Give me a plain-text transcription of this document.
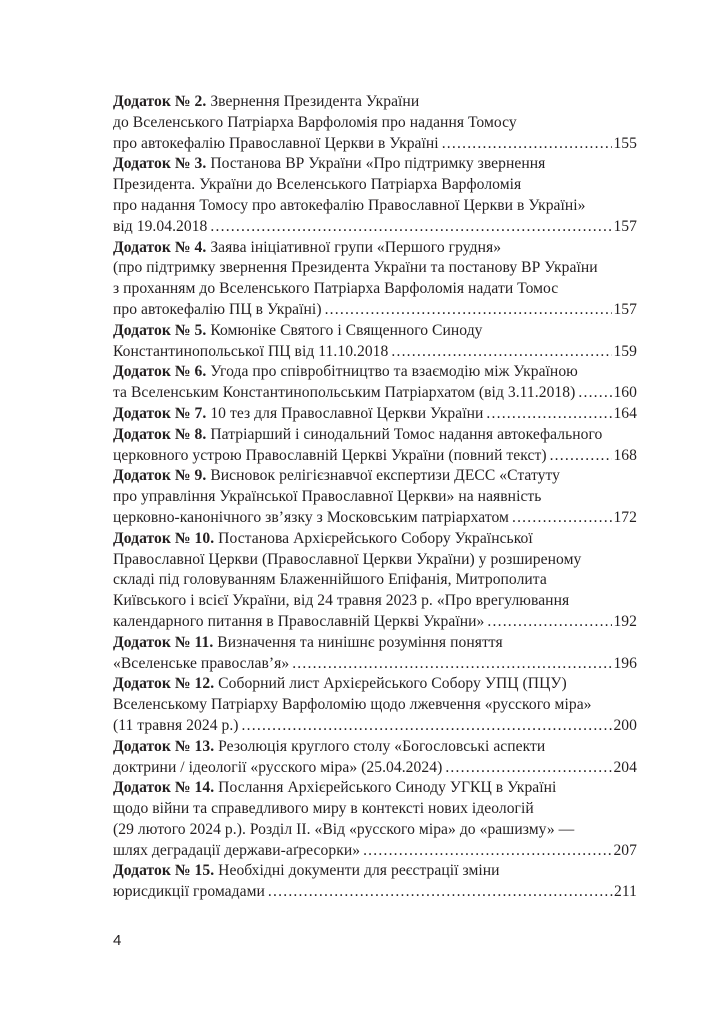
Додаток № 2. Звернення Президента України
до Вселенського Патріарха Варфоломія про надання Томосу
про автокефалію Православної Церкви в Україні .....	155
Додаток № 3. Постанова ВР України «Про підтримку звернення
Президента. України до Вселенського Патріарха Варфоломія
про надання Томосу про автокефалію Православної Церкви в Україні»
від 19.04.2018 .....	157
Додаток № 4. Заява ініціативної групи «Першого грудня»
(про підтримку звернення Президента України та постанову ВР України
з проханням до Вселенського Патріарха Варфоломія надати Томос
про автокефалію ПЦ в Україні) .....	157
Додаток № 5. Комюніке Святого і Священного Синоду
Константинопольської ПЦ від 11.10.2018 .....	159
Додаток № 6. Угода про співробітництво та взаємодію між Україною
та Вселенським Константинопольським Патріархатом (від 3.11.2018) ..... 160
Додаток № 7. 10 тез для Православної Церкви України .....	164
Додаток № 8. Патріарший і синодальний Томос надання автокефального
церковного устрою Православній Церкві України (повний текст) .....	168
Додаток № 9. Висновок релігієзнавчої експертизи ДЕСС «Статуту
про управління Української Православної Церкви» на наявність
церковно-канонічного зв’язку з Московським патріархатом .....	172
Додаток № 10. Постанова Архієрейського Собору Української
Православної Церкви (Православної Церкви України) у розширеному
складі під головуванням Блаженнійшого Епіфанія, Митрополита
Київського і всієї України, від 24 травня 2023 р. «Про врегулювання
календарного питання в Православній Церкві України» .....	192
Додаток № 11. Визначення та нинішнє розуміння поняття
«Вселенське православ’я» .....	196
Додаток № 12. Соборний лист Архієрейського Собору УПЦ (ПЦУ)
Вселенському Патріарху Варфоломію щодо лжевчення «русского міра»
(11 травня 2024 р.) .....	200
Додаток № 13. Резолюція круглого столу «Богословські аспекти
доктрини / ідеології «русского міра» (25.04.2024) .....	204
Додаток № 14. Послання Архієрейського Синоду УГКЦ в Україні
щодо війни та справедливого миру в контексті нових ідеологій
(29 лютого 2024 р.). Розділ ІІ. «Від «русского міра» до «рашизму» —
шлях деградації держави-аґресорки» .....	207
Додаток № 15. Необхідні документи для реєстрації зміни
юрисдикції громадами .....	211
4
